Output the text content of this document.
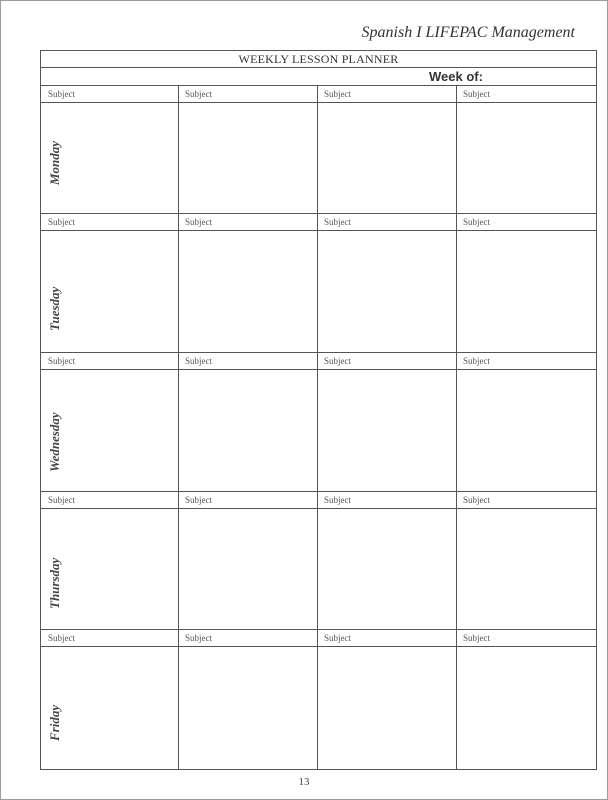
Spanish I LIFEPAC Management
WEEKLY LESSON PLANNER
Week of:
Subject	Subject	Subject	Subject
Monday
Subject	Subject	Subject	Subject
Tuesday
Subject	Subject	Subject	Subject
Wednesday
Subject	Subject	Subject	Subject
Thursday
Subject	Subject	Subject	Subject
Friday
13
